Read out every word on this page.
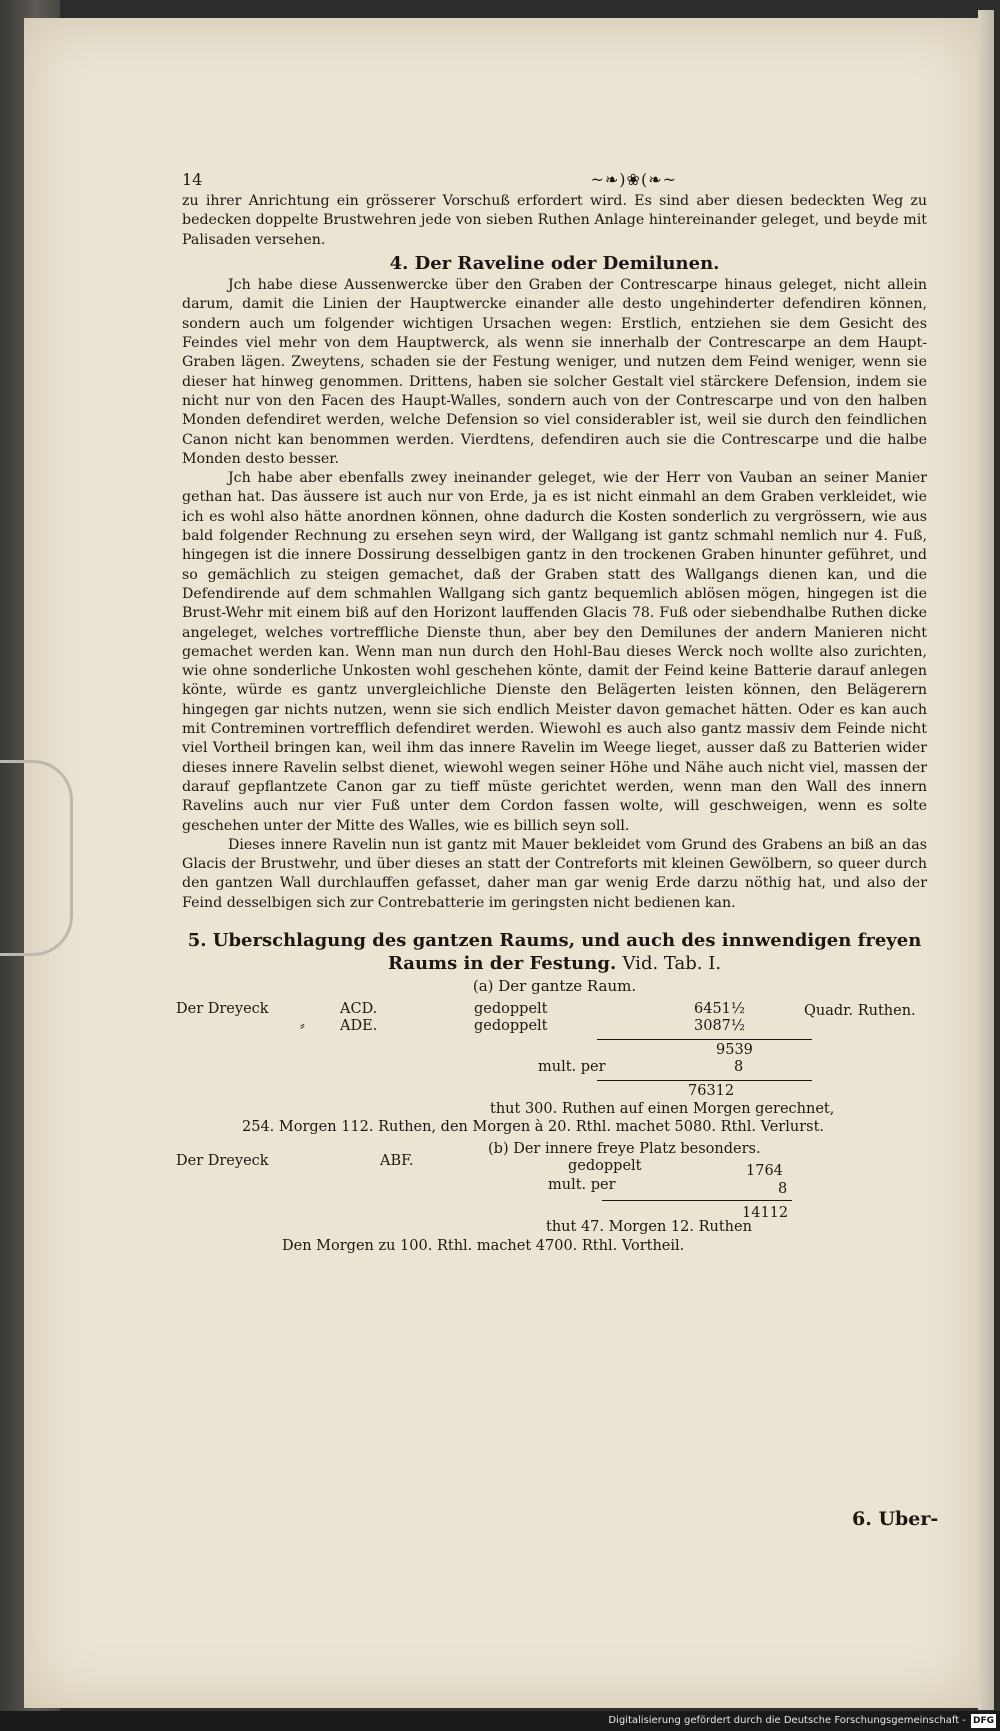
14	~❧)❀(❧~

zu ihrer Anrichtung ein grösserer Vorschuß erfordert wird. Es sind aber diesen bedeckten Weg zu bedecken doppelte Brustwehren jede von sieben Ruthen Anlage hintereinander geleget, und beyde mit Palisaden versehen.

4. Der Raveline oder Demilunen.

Jch habe diese Aussenwercke über den Graben der Contrescarpe hinaus geleget, nicht allein darum, damit die Linien der Hauptwercke einander alle desto ungehinderter defendiren können, sondern auch um folgender wichtigen Ursachen wegen: Erstlich, entziehen sie dem Gesicht des Feindes viel mehr von dem Hauptwerck, als wenn sie innerhalb der Contrescarpe an dem Haupt-Graben lägen. Zweytens, schaden sie der Festung weniger, und nutzen dem Feind weniger, wenn sie dieser hat hinweg genommen. Drittens, haben sie solcher Gestalt viel stärckere Defension, indem sie nicht nur von den Facen des Haupt-Walles, sondern auch von der Contrescarpe und von den halben Monden defendiret werden, welche Defension so viel considerabler ist, weil sie durch den feindlichen Canon nicht kan benommen werden. Vierdtens, defendiren auch sie die Contrescarpe und die halbe Monden desto besser.

Jch habe aber ebenfalls zwey ineinander geleget, wie der Herr von Vauban an seiner Manier gethan hat. Das äussere ist auch nur von Erde, ja es ist nicht einmahl an dem Graben verkleidet, wie ich es wohl also hätte anordnen können, ohne dadurch die Kosten sonderlich zu vergrössern, wie aus bald folgender Rechnung zu ersehen seyn wird, der Wallgang ist gantz schmahl nemlich nur 4. Fuß, hingegen ist die innere Dossirung desselbigen gantz in den trockenen Graben hinunter geführet, und so gemächlich zu steigen gemachet, daß der Graben statt des Wallgangs dienen kan, und die Defendirende auf dem schmahlen Wallgang sich gantz bequemlich ablösen mögen, hingegen ist die Brust-Wehr mit einem biß auf den Horizont lauffenden Glacis 78. Fuß oder siebendhalbe Ruthen dicke angeleget, welches vortreffliche Dienste thun, aber bey den Demilunes der andern Manieren nicht gemachet werden kan. Wenn man nun durch den Hohl-Bau dieses Werck noch wollte also zurichten, wie ohne sonderliche Unkosten wohl geschehen könte, damit der Feind keine Batterie darauf anlegen könte, würde es gantz unvergleichliche Dienste den Belägerten leisten können, den Belägerern hingegen gar nichts nutzen, wenn sie sich endlich Meister davon gemachet hätten. Oder es kan auch mit Contreminen vortrefflich defendiret werden. Wiewohl es auch also gantz massiv dem Feinde nicht viel Vortheil bringen kan, weil ihm das innere Ravelin im Weege lieget, ausser daß zu Batterien wider dieses innere Ravelin selbst dienet, wiewohl wegen seiner Höhe und Nähe auch nicht viel, massen der darauf gepflantzete Canon gar zu tieff müste gerichtet werden, wenn man den Wall des innern Ravelins auch nur vier Fuß unter dem Cordon fassen wolte, will geschweigen, wenn es solte geschehen unter der Mitte des Walles, wie es billich seyn soll.

Dieses innere Ravelin nun ist gantz mit Mauer bekleidet vom Grund des Grabens an biß an das Glacis der Brustwehr, und über dieses an statt der Contreforts mit kleinen Gewölbern, so queer durch den gantzen Wall durchlauffen gefasset, daher man gar wenig Erde darzu nöthig hat, und also der Feind desselbigen sich zur Contrebatterie im geringsten nicht bedienen kan.

5. Uberschlagung des gantzen Raums, und auch des innwendigen freyen Raums in der Festung. Vid. Tab. I.
(a) Der gantze Raum.
Der Dreyeck	ACD.	gedoppelt	6451½	Quadr. Ruthen.
⸗ ADE.	gedoppelt	3087½
9539
mult. per	8
76312
thut 300. Ruthen auf einen Morgen gerechnet,
254. Morgen 112. Ruthen, den Morgen à 20. Rthl. machet 5080. Rthl. Verlurst.
(b) Der innere freye Platz besonders.
Der Dreyeck	ABF.	gedoppelt	1764
mult. per	8
14112
thut 47. Morgen 12. Ruthen
Den Morgen zu 100. Rthl. machet 4700. Rthl. Vortheil.
6. Uber-
Digitalisierung gefördert durch die Deutsche Forschungsgemeinschaft - DFG
